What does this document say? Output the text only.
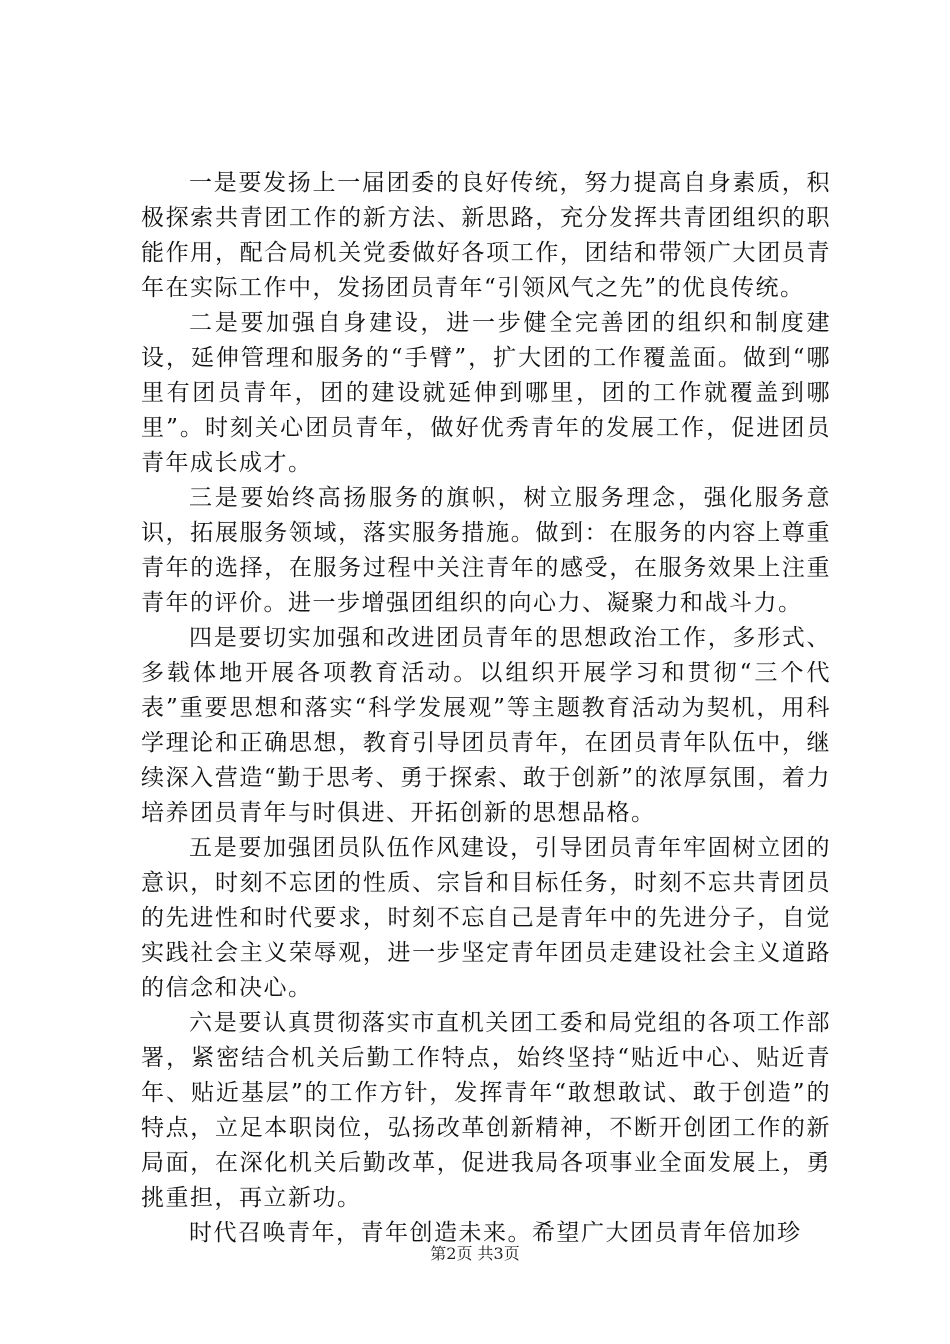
一是要发扬上一届团委的良好传统，努力提高自身素质，积极探索共青团工作的新方法、新思路，充分发挥共青团组织的职能作用，配合局机关党委做好各项工作，团结和带领广大团员青年在实际工作中，发扬团员青年“引领风气之先”的优良传统。

二是要加强自身建设，进一步健全完善团的组织和制度建设，延伸管理和服务的“手臂”，扩大团的工作覆盖面。做到“哪里有团员青年，团的建设就延伸到哪里，团的工作就覆盖到哪里”。时刻关心团员青年，做好优秀青年的发展工作，促进团员青年成长成才。

三是要始终高扬服务的旗帜，树立服务理念，强化服务意识，拓展服务领域，落实服务措施。做到：在服务的内容上尊重青年的选择，在服务过程中关注青年的感受，在服务效果上注重青年的评价。进一步增强团组织的向心力、凝聚力和战斗力。

四是要切实加强和改进团员青年的思想政治工作，多形式、多载体地开展各项教育活动。以组织开展学习和贯彻“三个代表”重要思想和落实“科学发展观”等主题教育活动为契机，用科学理论和正确思想，教育引导团员青年，在团员青年队伍中，继续深入营造“勤于思考、勇于探索、敢于创新”的浓厚氛围，着力培养团员青年与时俱进、开拓创新的思想品格。

五是要加强团员队伍作风建设，引导团员青年牢固树立团的意识，时刻不忘团的性质、宗旨和目标任务，时刻不忘共青团员的先进性和时代要求，时刻不忘自己是青年中的先进分子，自觉实践社会主义荣辱观，进一步坚定青年团员走建设社会主义道路的信念和决心。

六是要认真贯彻落实市直机关团工委和局党组的各项工作部署，紧密结合机关后勤工作特点，始终坚持“贴近中心、贴近青年、贴近基层”的工作方针，发挥青年“敢想敢试、敢于创造”的特点，立足本职岗位，弘扬改革创新精神，不断开创团工作的新局面，在深化机关后勤改革，促进我局各项事业全面发展上，勇挑重担，再立新功。

时代召唤青年，青年创造未来。希望广大团员青年倍加珍

第2页 共3页
